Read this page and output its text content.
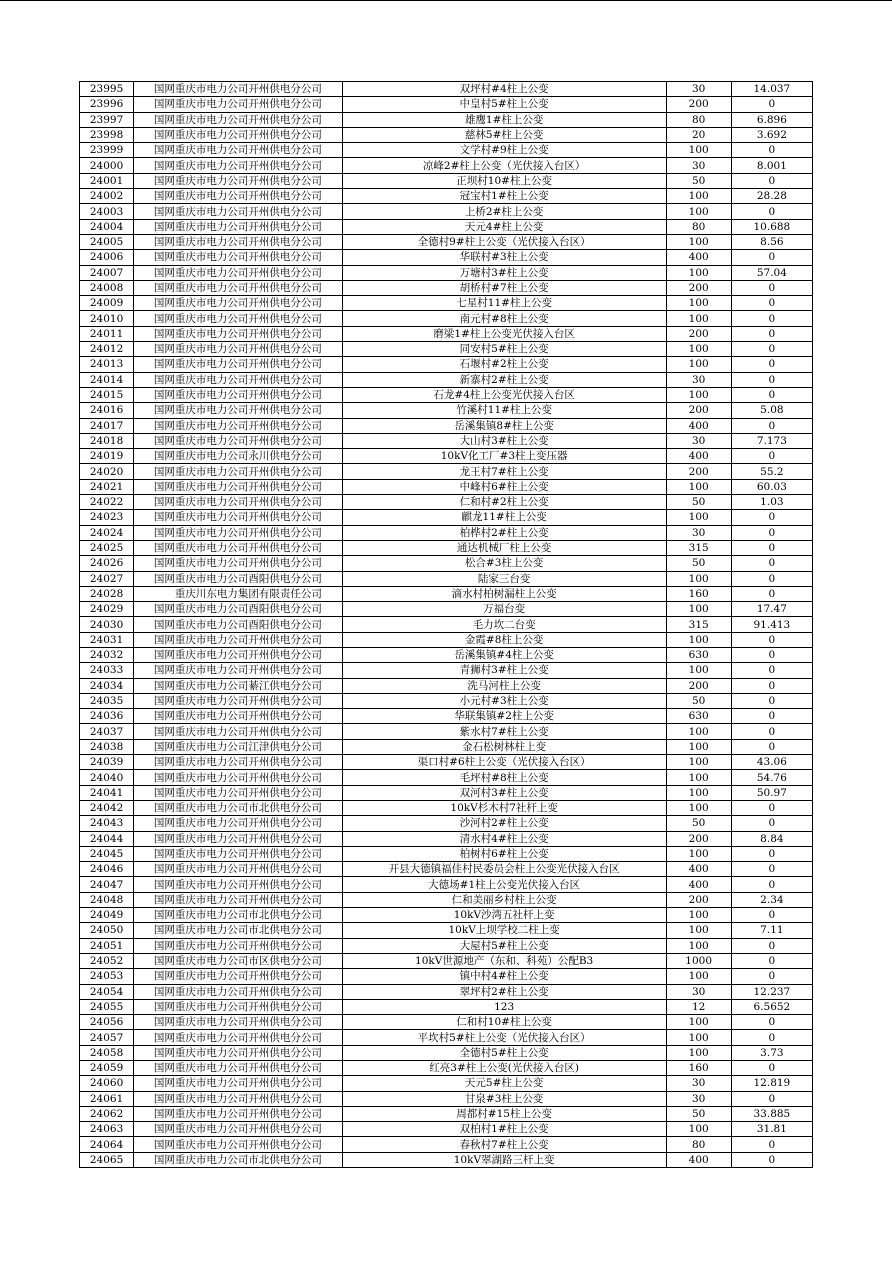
23995	国网重庆市电力公司开州供电分公司	双坪村#4柱上公变	30	14.037
23996	国网重庆市电力公司开州供电分公司	中皇村5#柱上公变	200	0
23997	国网重庆市电力公司开州供电分公司	雄鹰1#柱上公变	80	6.896
23998	国网重庆市电力公司开州供电分公司	慈林5#柱上公变	20	3.692
23999	国网重庆市电力公司开州供电分公司	文学村#9柱上公变	100	0
24000	国网重庆市电力公司开州供电分公司	凉峰2#柱上公变（光伏接入台区）	30	8.001
24001	国网重庆市电力公司开州供电分公司	正坝村10#柱上公变	50	0
24002	国网重庆市电力公司开州供电分公司	冠宝村1#柱上公变	100	28.28
24003	国网重庆市电力公司开州供电分公司	上桥2#柱上公变	100	0
24004	国网重庆市电力公司开州供电分公司	天元4#柱上公变	80	10.688
24005	国网重庆市电力公司开州供电分公司	全德村9#柱上公变（光伏接入台区）	100	8.56
24006	国网重庆市电力公司开州供电分公司	华联村#3柱上公变	400	0
24007	国网重庆市电力公司开州供电分公司	万塘村3#柱上公变	100	57.04
24008	国网重庆市电力公司开州供电分公司	胡桥村#7柱上公变	200	0
24009	国网重庆市电力公司开州供电分公司	七星村11#柱上公变	100	0
24010	国网重庆市电力公司开州供电分公司	南元村#8柱上公变	100	0
24011	国网重庆市电力公司开州供电分公司	磨梁1#柱上公变光伏接入台区	200	0
24012	国网重庆市电力公司开州供电分公司	同安村5#柱上公变	100	0
24013	国网重庆市电力公司开州供电分公司	石堰村#2柱上公变	100	0
24014	国网重庆市电力公司开州供电分公司	新寨村2#柱上公变	30	0
24015	国网重庆市电力公司开州供电分公司	石龙#4柱上公变光伏接入台区	100	0
24016	国网重庆市电力公司开州供电分公司	竹溪村11#柱上公变	200	5.08
24017	国网重庆市电力公司开州供电分公司	岳溪集镇8#柱上公变	400	0
24018	国网重庆市电力公司开州供电分公司	大山村3#柱上公变	30	7.173
24019	国网重庆市电力公司永川供电分公司	10kV化工厂#3柱上变压器	400	0
24020	国网重庆市电力公司开州供电分公司	龙王村7#柱上公变	200	55.2
24021	国网重庆市电力公司开州供电分公司	中峰村6#柱上公变	100	60.03
24022	国网重庆市电力公司开州供电分公司	仁和村#2柱上公变	50	1.03
24023	国网重庆市电力公司开州供电分公司	麒龙11#柱上公变	100	0
24024	国网重庆市电力公司开州供电分公司	柏桦村2#柱上公变	30	0
24025	国网重庆市电力公司开州供电分公司	通达机械厂柱上公变	315	0
24026	国网重庆市电力公司开州供电分公司	松合#3柱上公变	50	0
24027	国网重庆市电力公司酉阳供电分公司	陆家三台变	100	0
24028	　　重庆川东电力集团有限责任公司	滴水村柏树漏柱上公变	160	0
24029	国网重庆市电力公司酉阳供电分公司	万福台变	100	17.47
24030	国网重庆市电力公司酉阳供电分公司	毛力坎二台变	315	91.413
24031	国网重庆市电力公司开州供电分公司	金霞#8柱上公变	100	0
24032	国网重庆市电力公司开州供电分公司	岳溪集镇#4柱上公变	630	0
24033	国网重庆市电力公司开州供电分公司	青狮村3#柱上公变	100	0
24034	国网重庆市电力公司綦江供电分公司	洗马河柱上公变	200	0
24035	国网重庆市电力公司开州供电分公司	小元村#3柱上公变	50	0
24036	国网重庆市电力公司开州供电分公司	华联集镇#2柱上公变	630	0
24037	国网重庆市电力公司开州供电分公司	紫水村7#柱上公变	100	0
24038	国网重庆市电力公司江津供电分公司	金石松树林柱上变	100	0
24039	国网重庆市电力公司开州供电分公司	渠口村#6柱上公变（光伏接入台区）	100	43.06
24040	国网重庆市电力公司开州供电分公司	毛坪村#8柱上公变	100	54.76
24041	国网重庆市电力公司开州供电分公司	双河村3#柱上公变	100	50.97
24042	国网重庆市电力公司市北供电分公司	10kV杉木村7社杆上变	100	0
24043	国网重庆市电力公司开州供电分公司	沙河村2#柱上公变	50	0
24044	国网重庆市电力公司开州供电分公司	清水村4#柱上公变	200	8.84
24045	国网重庆市电力公司开州供电分公司	柏树村6#柱上公变	100	0
24046	国网重庆市电力公司开州供电分公司	开县大德镇福佳村民委员会柱上公变光伏接入台区	400	0
24047	国网重庆市电力公司开州供电分公司	大德场#1柱上公变光伏接入台区	400	0
24048	国网重庆市电力公司开州供电分公司	仁和美丽乡村柱上公变	200	2.34
24049	国网重庆市电力公司市北供电分公司	10kV沙湾五社杆上变	100	0
24050	国网重庆市电力公司市北供电分公司	10kV上坝学校二柱上变	100	7.11
24051	国网重庆市电力公司开州供电分公司	大屋村5#柱上公变	100	0
24052	国网重庆市电力公司市区供电分公司	10kV世源地产（东和、科苑）公配B3	1000	0
24053	国网重庆市电力公司开州供电分公司	镇中村4#柱上公变	100	0
24054	国网重庆市电力公司开州供电分公司	翠坪村2#柱上公变	30	12.237
24055	国网重庆市电力公司开州供电分公司	123	12	6.5652
24056	国网重庆市电力公司开州供电分公司	仁和村10#柱上公变	100	0
24057	国网重庆市电力公司开州供电分公司	平坎村5#柱上公变（光伏接入台区）	100	0
24058	国网重庆市电力公司开州供电分公司	全德村5#柱上公变	100	3.73
24059	国网重庆市电力公司开州供电分公司	红亮3#柱上公变(光伏接入台区)	160	0
24060	国网重庆市电力公司开州供电分公司	天元5#柱上公变	30	12.819
24061	国网重庆市电力公司开州供电分公司	甘泉#3柱上公变	30	0
24062	国网重庆市电力公司开州供电分公司	周都村#15柱上公变	50	33.885
24063	国网重庆市电力公司开州供电分公司	双柏村1#柱上公变	100	31.81
24064	国网重庆市电力公司开州供电分公司	春秋村7#柱上公变	80	0
24065	国网重庆市电力公司市北供电分公司	10kV翠湖路三杆上变	400	0
